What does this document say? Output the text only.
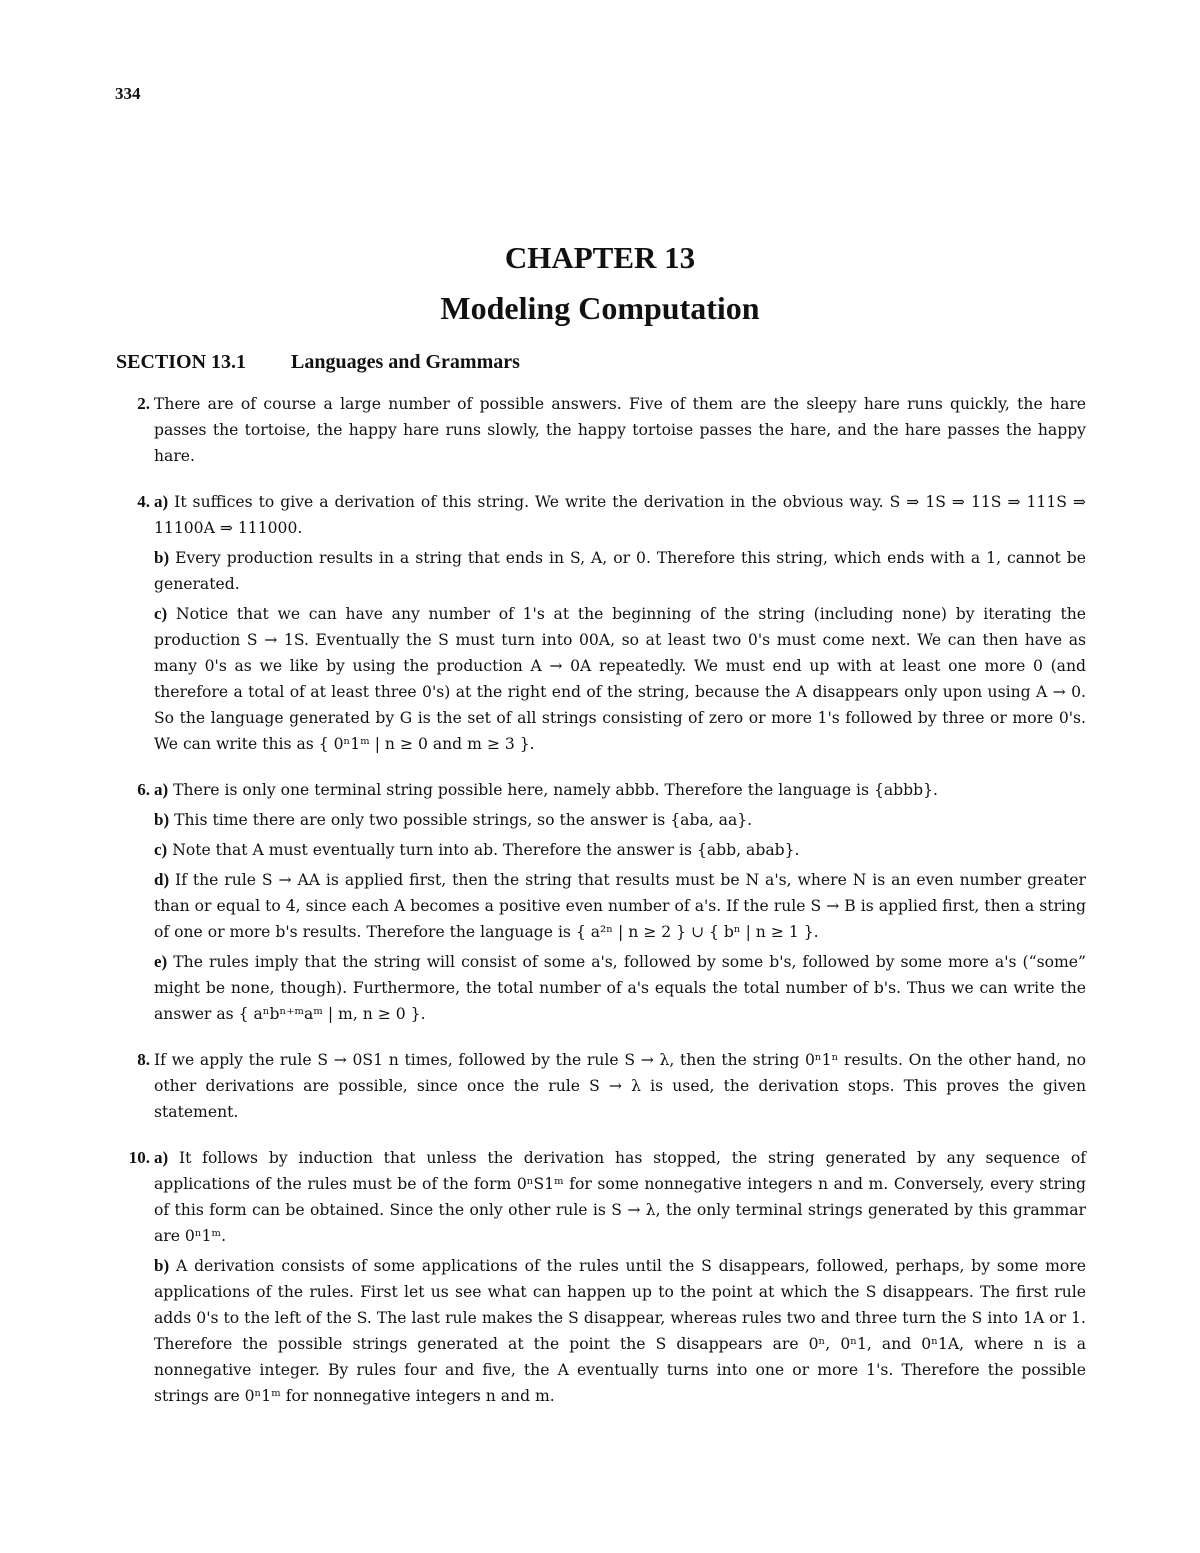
334
CHAPTER 13
Modeling Computation
SECTION 13.1 Languages and Grammars
2. There are of course a large number of possible answers. Five of them are the sleepy hare runs quickly, the hare passes the tortoise, the happy hare runs slowly, the happy tortoise passes the hare, and the hare passes the happy hare.

4. a) It suffices to give a derivation of this string. We write the derivation in the obvious way. S ⇒ 1S ⇒ 11S ⇒ 111S ⇒ 11100A ⇒ 111000.

b) Every production results in a string that ends in S, A, or 0. Therefore this string, which ends with a 1, cannot be generated.

c) Notice that we can have any number of 1's at the beginning of the string (including none) by iterating the production S → 1S. Eventually the S must turn into 00A, so at least two 0's must come next. We can then have as many 0's as we like by using the production A → 0A repeatedly. We must end up with at least one more 0 (and therefore a total of at least three 0's) at the right end of the string, because the A disappears only upon using A → 0. So the language generated by G is the set of all strings consisting of zero or more 1's followed by three or more 0's. We can write this as { 0ⁿ1ᵐ | n ≥ 0 and m ≥ 3 }.

6. a) There is only one terminal string possible here, namely abbb. Therefore the language is {abbb}.

b) This time there are only two possible strings, so the answer is {aba, aa}.

c) Note that A must eventually turn into ab. Therefore the answer is {abb, abab}.

d) If the rule S → AA is applied first, then the string that results must be N a's, where N is an even number greater than or equal to 4, since each A becomes a positive even number of a's. If the rule S → B is applied first, then a string of one or more b's results. Therefore the language is { a²ⁿ | n ≥ 2 } ∪ { bⁿ | n ≥ 1 }.

e) The rules imply that the string will consist of some a's, followed by some b's, followed by some more a's (“some” might be none, though). Furthermore, the total number of a's equals the total number of b's. Thus we can write the answer as { aⁿbⁿ⁺ᵐaᵐ | m, n ≥ 0 }.

8. If we apply the rule S → 0S1 n times, followed by the rule S → λ, then the string 0ⁿ1ⁿ results. On the other hand, no other derivations are possible, since once the rule S → λ is used, the derivation stops. This proves the given statement.

10. a) It follows by induction that unless the derivation has stopped, the string generated by any sequence of applications of the rules must be of the form 0ⁿS1ᵐ for some nonnegative integers n and m. Conversely, every string of this form can be obtained. Since the only other rule is S → λ, the only terminal strings generated by this grammar are 0ⁿ1ᵐ.

b) A derivation consists of some applications of the rules until the S disappears, followed, perhaps, by some more applications of the rules. First let us see what can happen up to the point at which the S disappears. The first rule adds 0's to the left of the S. The last rule makes the S disappear, whereas rules two and three turn the S into 1A or 1. Therefore the possible strings generated at the point the S disappears are 0ⁿ, 0ⁿ1, and 0ⁿ1A, where n is a nonnegative integer. By rules four and five, the A eventually turns into one or more 1's. Therefore the possible strings are 0ⁿ1ᵐ for nonnegative integers n and m.
